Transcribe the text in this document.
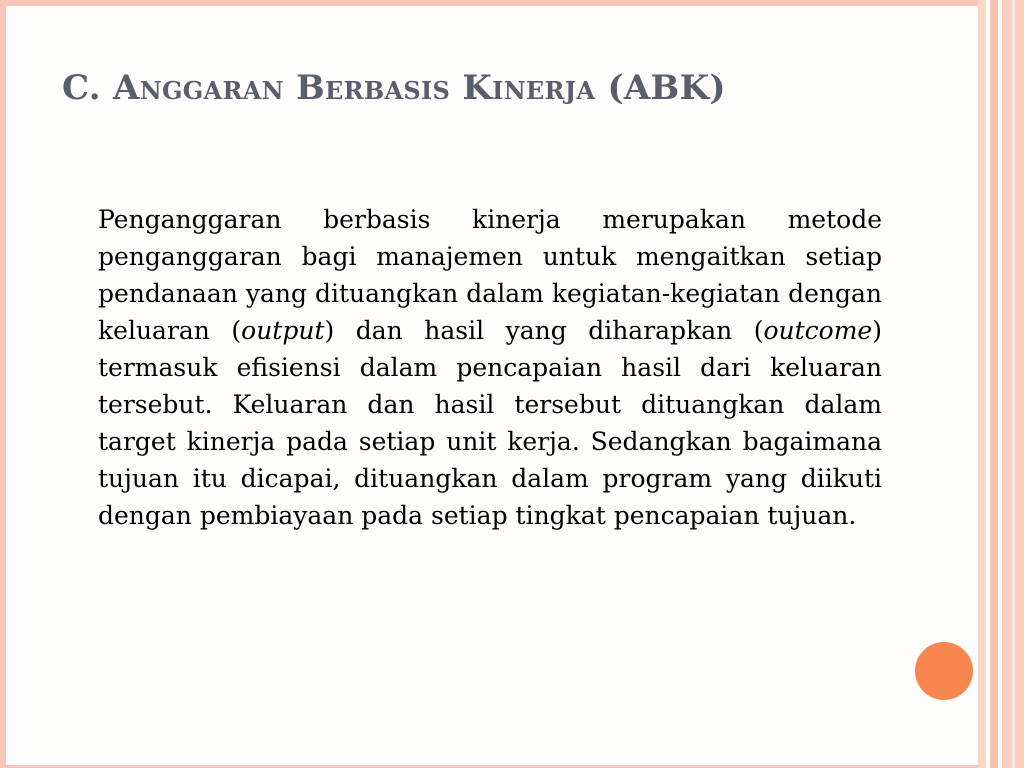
C. Anggaran Berbasis Kinerja (ABK)

Penganggaran berbasis kinerja merupakan metode penganggaran bagi manajemen untuk mengaitkan setiap pendanaan yang dituangkan dalam kegiatan-kegiatan dengan keluaran (output) dan hasil yang diharapkan (outcome) termasuk efisiensi dalam pencapaian hasil dari keluaran tersebut. Keluaran dan hasil tersebut dituangkan dalam target kinerja pada setiap unit kerja. Sedangkan bagaimana tujuan itu dicapai, dituangkan dalam program yang diikuti dengan pembiayaan pada setiap tingkat pencapaian tujuan.
